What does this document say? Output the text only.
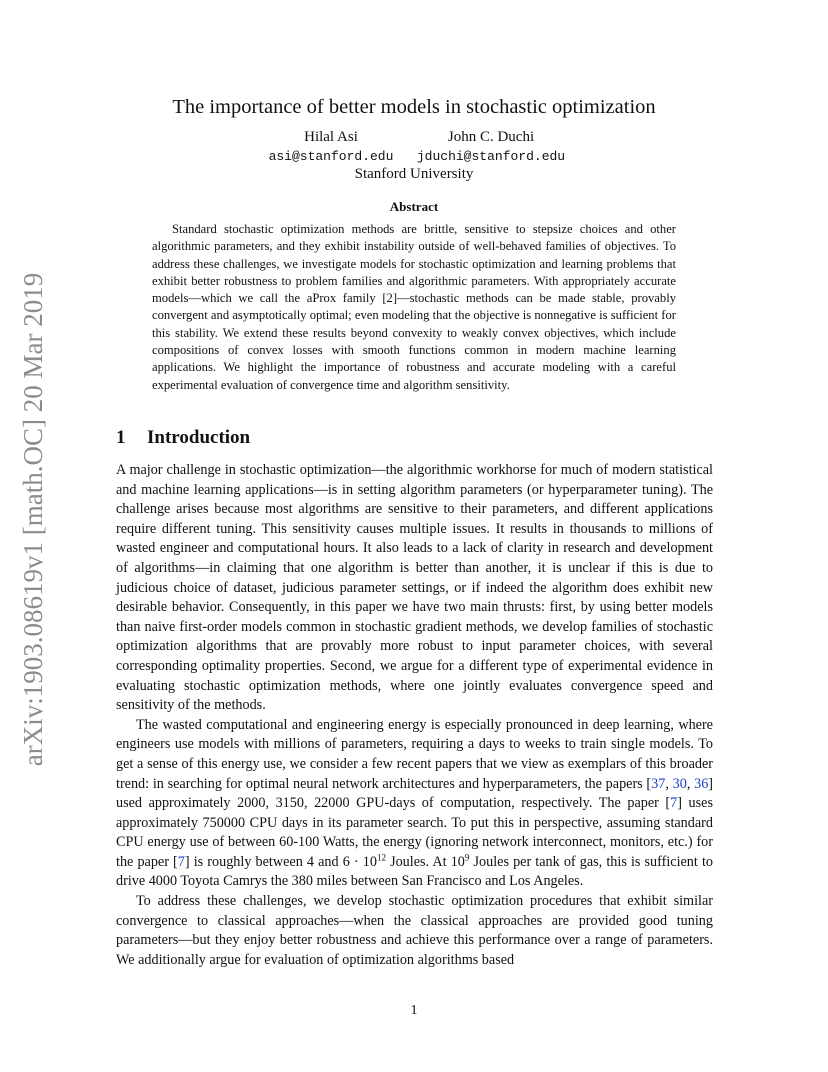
arXiv:1903.08619v1 [math.OC] 20 Mar 2019
The importance of better models in stochastic optimization
Hilal Asi
asi@stanford.edu
John C. Duchi
jduchi@stanford.edu
Stanford University
Abstract

Standard stochastic optimization methods are brittle, sensitive to stepsize choices and other algorithmic parameters, and they exhibit instability outside of well-behaved families of objectives. To address these challenges, we investigate models for stochastic optimization and learning problems that exhibit better robustness to problem families and algorithmic parameters. With appropriately accurate models—which we call the aProx family [2]—stochastic methods can be made stable, provably convergent and asymptotically optimal; even modeling that the objective is nonnegative is sufficient for this stability. We extend these results beyond convexity to weakly convex objectives, which include compositions of convex losses with smooth functions common in modern machine learning applications. We highlight the importance of robustness and accurate modeling with a careful experimental evaluation of convergence time and algorithm sensitivity.

1 Introduction

A major challenge in stochastic optimization—the algorithmic workhorse for much of modern statistical and machine learning applications—is in setting algorithm parameters (or hyperparameter tuning). The challenge arises because most algorithms are sensitive to their parameters, and different applications require different tuning. This sensitivity causes multiple issues. It results in thousands to millions of wasted engineer and computational hours. It also leads to a lack of clarity in research and development of algorithms—in claiming that one algorithm is better than another, it is unclear if this is due to judicious choice of dataset, judicious parameter settings, or if indeed the algorithm does exhibit new desirable behavior. Consequently, in this paper we have two main thrusts: first, by using better models than naive first-order models common in stochastic gradient methods, we develop families of stochastic optimization algorithms that are provably more robust to input parameter choices, with several corresponding optimality properties. Second, we argue for a different type of experimental evidence in evaluating stochastic optimization methods, where one jointly evaluates convergence speed and sensitivity of the methods.

The wasted computational and engineering energy is especially pronounced in deep learning, where engineers use models with millions of parameters, requiring a days to weeks to train single models. To get a sense of this energy use, we consider a few recent papers that we view as exemplars of this broader trend: in searching for optimal neural network architectures and hyperparameters, the papers [37, 30, 36] used approximately 2000, 3150, 22000 GPU-days of computation, respectively. The paper [7] uses approximately 750000 CPU days in its parameter search. To put this in perspective, assuming standard CPU energy use of between 60-100 Watts, the energy (ignoring network interconnect, monitors, etc.) for the paper [7] is roughly between 4 and $6 \cdot 10^{12}$ Joules. At $10^9$ Joules per tank of gas, this is sufficient to drive 4000 Toyota Camrys the 380 miles between San Francisco and Los Angeles.

To address these challenges, we develop stochastic optimization procedures that exhibit similar convergence to classical approaches—when the classical approaches are provided good tuning parameters—but they enjoy better robustness and achieve this performance over a range of parameters. We additionally argue for evaluation of optimization algorithms based

1
